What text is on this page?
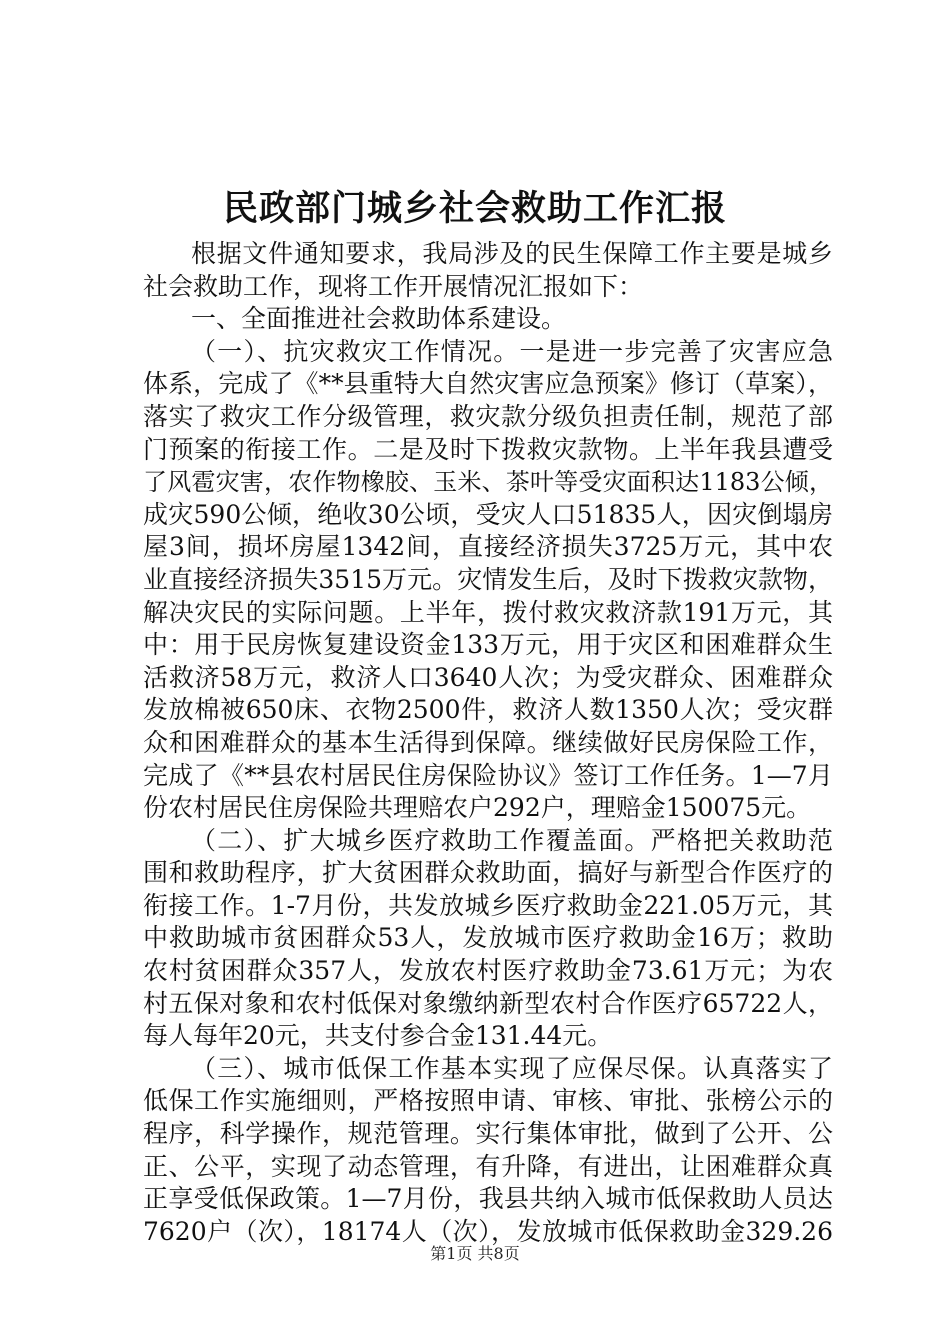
民政部门城乡社会救助工作汇报
根据文件通知要求，我局涉及的民生保障工作主要是城乡
社会救助工作，现将工作开展情况汇报如下：
一、全面推进社会救助体系建设。
（一）、抗灾救灾工作情况。一是进一步完善了灾害应急
体系，完成了《**县重特大自然灾害应急预案》修订（草案），
落实了救灾工作分级管理，救灾款分级负担责任制，规范了部
门预案的衔接工作。二是及时下拨救灾款物。上半年我县遭受
了风雹灾害，农作物橡胶、玉米、茶叶等受灾面积达1183公倾，
成灾590公倾，绝收30公顷，受灾人口51835人，因灾倒塌房
屋3间，损坏房屋1342间，直接经济损失3725万元，其中农
业直接经济损失3515万元。灾情发生后，及时下拨救灾款物，
解决灾民的实际问题。上半年，拨付救灾救济款191万元，其
中：用于民房恢复建设资金133万元，用于灾区和困难群众生
活救济58万元，救济人口3640人次；为受灾群众、困难群众
发放棉被650床、衣物2500件，救济人数1350人次；受灾群
众和困难群众的基本生活得到保障。继续做好民房保险工作，
完成了《**县农村居民住房保险协议》签订工作任务。1—7月
份农村居民住房保险共理赔农户292户，理赔金150075元。
（二）、扩大城乡医疗救助工作覆盖面。严格把关救助范
围和救助程序，扩大贫困群众救助面，搞好与新型合作医疗的
衔接工作。1-7月份，共发放城乡医疗救助金221.05万元，其
中救助城市贫困群众53人，发放城市医疗救助金16万；救助
农村贫困群众357人，发放农村医疗救助金73.61万元；为农
村五保对象和农村低保对象缴纳新型农村合作医疗65722人，
每人每年20元，共支付参合金131.44元。
（三）、城市低保工作基本实现了应保尽保。认真落实了
低保工作实施细则，严格按照申请、审核、审批、张榜公示的
程序，科学操作，规范管理。实行集体审批，做到了公开、公
正、公平，实现了动态管理，有升降，有进出，让困难群众真
正享受低保政策。1—7月份，我县共纳入城市低保救助人员达
7620户（次），18174人（次），发放城市低保救助金329.26
第1页 共8页
